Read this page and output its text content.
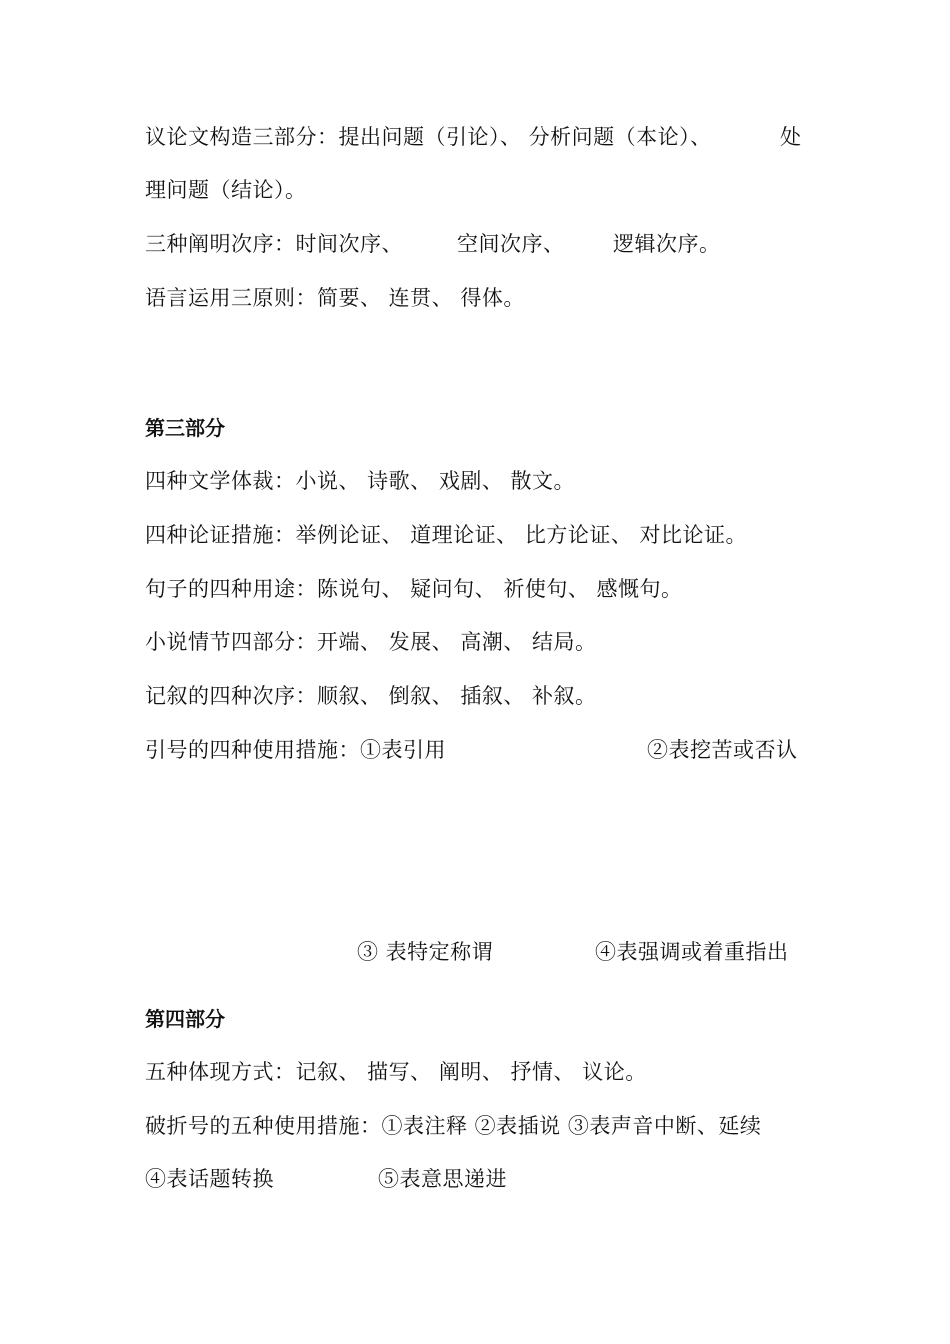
议论文构造三部分：提出问题（引论）、 分析问题（本论）、	处
理问题（结论）。
三种阐明次序：时间次序、	空间次序、 逻辑次序。
语言运用三原则：简要、 连贯、 得体。
第三部分
四种文学体裁：小说、 诗歌、 戏剧、 散文。
四种论证措施：举例论证、 道理论证、 比方论证、 对比论证。
句子的四种用途：陈说句、 疑问句、 祈使句、 感慨句。
小说情节四部分：开端、 发展、 高潮、 结局。
记叙的四种次序：顺叙、 倒叙、 插叙、 补叙。
引号的四种使用措施：①表引用	②表挖苦或否认
③ 表特定称谓	④表强调或着重指出
第四部分
五种体现方式：记叙、 描写、 阐明、 抒情、 议论。
破折号的五种使用措施：①表注释 ②表插说 ③表声音中断、延续
④表话题转换	⑤表意思递进
